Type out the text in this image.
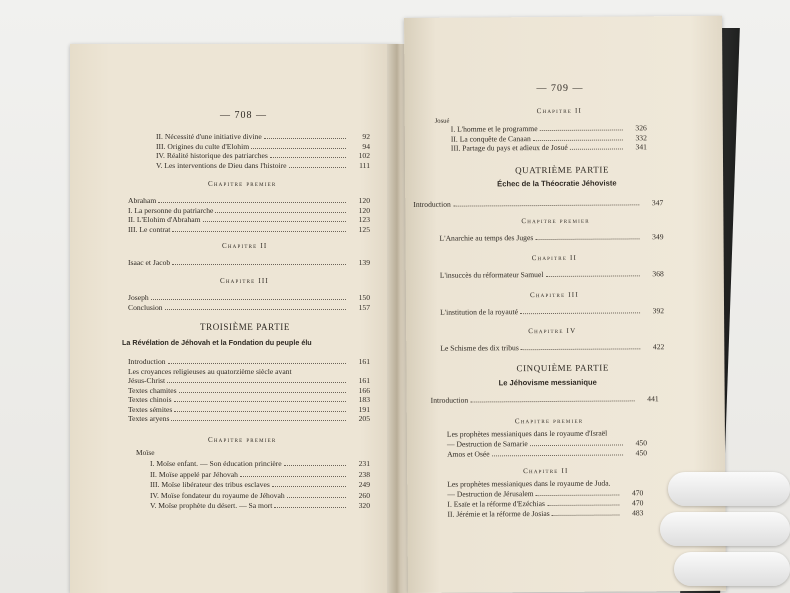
— 708 —
Chapitre premier
Chapitre II
Chapitre III
TROISIÈME PARTIE
La Révélation de Jéhovah et la Fondation du peuple élu
Chapitre premier
Moïse
II. Nécessité d'une initiative divine	92
III. Origines du culte d'Elohim	94
IV. Réalité historique des patriarches	102
V. Les interventions de Dieu dans l'histoire	111
Abraham	120
I. La personne du patriarche	120
II. L'Elohim d'Abraham	123
III. Le contrat	125
Isaac et Jacob	139
Joseph	150
Conclusion	157
Introduction	161
Les croyances religieuses au quatorzième siècle avant
Jésus-Christ	161
Textes chamites	166
Textes chinois	183
Textes sémites	191
Textes aryens	205
I. Moïse enfant. — Son éducation princière	231
II. Moïse appelé par Jéhovah	238
III. Moïse libérateur des tribus esclaves	249
IV. Moïse fondateur du royaume de Jéhovah	260
V. Moïse prophète du désert. — Sa mort	320
— 709 —
Chapitre II
Josué
QUATRIÈME PARTIE
Échec de la Théocratie Jéhoviste
Chapitre premier
Chapitre II
Chapitre III
Chapitre IV
CINQUIÈME PARTIE
Le Jéhovisme messianique
Chapitre premier
Chapitre II
I. L'homme et le programme	326
II. La conquête de Canaan	332
III. Partage du pays et adieux de Josué	341
Introduction	347
L'Anarchie au temps des Juges	349
L'insuccès du réformateur Samuel	368
L'institution de la royauté	392
Le Schisme des dix tribus	422
Introduction	441
Les prophètes messianiques dans le royaume d'Israël
— Destruction de Samarie	450
Amos et Osée	450
Les prophètes messianiques dans le royaume de Juda.
— Destruction de Jérusalem	470
I. Esaïe et la réforme d'Ezéchias	470
II. Jérémie et la réforme de Josias	483
